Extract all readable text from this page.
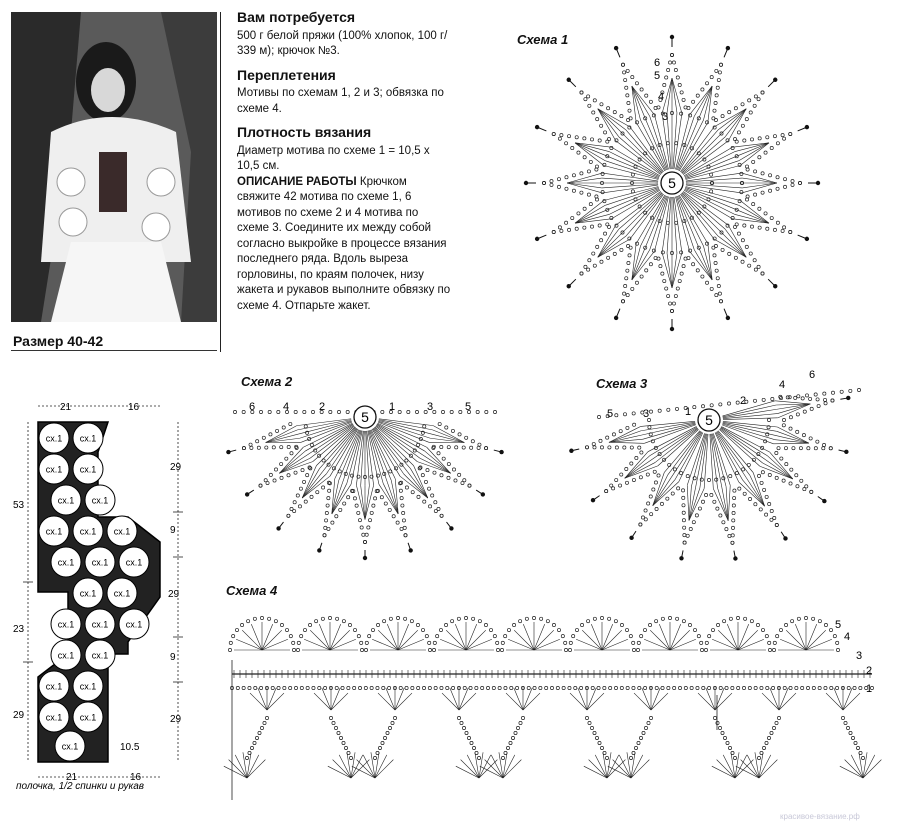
Размер 40-42
Вам потребуется

500 г белой пряжи (100% хлопок, 100 г/ 339 м); крючок №3.

Переплетения

Мотивы по схемам 1, 2 и 3; обвязка по схеме 4.

Плотность вязания

Диаметр мотива по схеме 1 = 10,5 х 10,5 см.

ОПИСАНИЕ РАБОТЫ Крючком свяжите 42 мотива по схеме 1, 6 мотивов по схеме 2 и 4 мотива по схеме 3. Соедините их между собой согласно выкройке в процессе вязания последнего ряда. Вдоль выреза горловины, по краям полочек, низу жакета и рукавов выполните обвязку по схеме 4. Отпарьте жакет.

Схема 1
Схема 2	Схема 3
Схема 4
6
5
4
3
5
6	4	2	1	3	5
5	5	3	1
2
4
6
5
5
4
3
2
1
21	16
53
23
29
29
9
29
9
29
10.5
21	16
сх.1 сх.1
сх.1 сх.1
сх.1 сх.1
сх.1 сх.1 сх.1
сх.1 сх.1 сх.1
сх.1 сх.1
сх.1 сх.1 сх.1
сх.1 сх.1
сх.1 сх.1
сх.1 сх.1
сх.1
полочка, 1/2 спинки и рукав
красивое-вязание.рф
